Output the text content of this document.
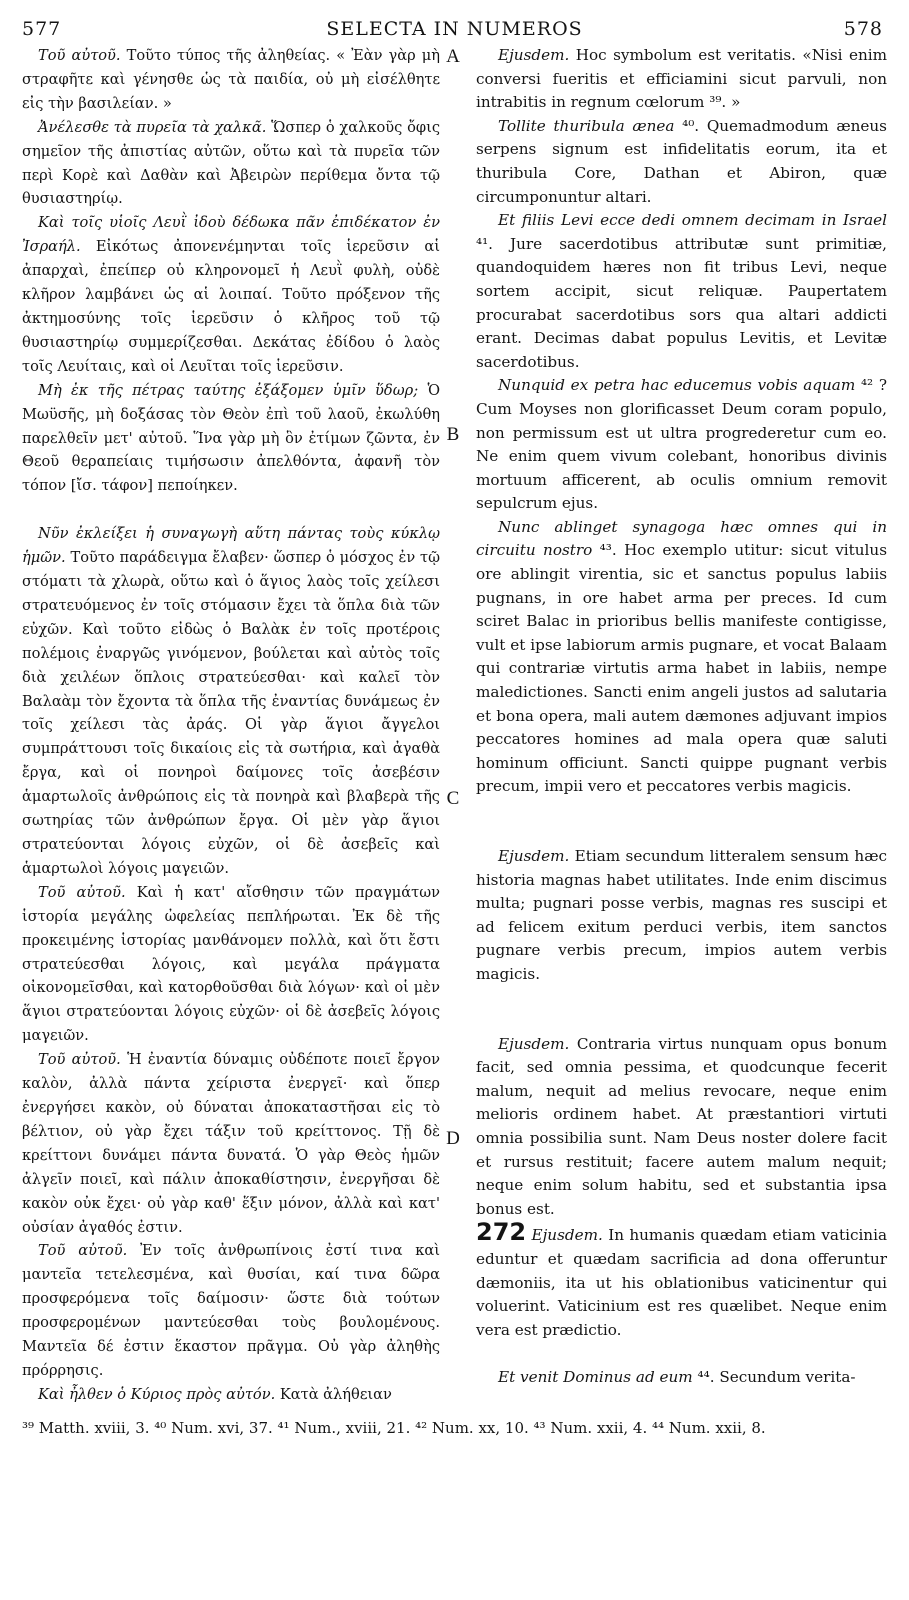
577	SELECTA IN NUMEROS	578

Τοῦ αὐτοῦ. Τοῦτο τύπος τῆς ἀληθείας. « Ἐὰν γὰρ μὴ στραφῆτε καὶ γένησθε ὡς τὰ παιδία, οὐ μὴ εἰσέλθητε εἰς τὴν βασιλείαν. »

Ἀνέλεσθε τὰ πυρεῖα τὰ χαλκᾶ. Ὥσπερ ὁ χαλκοῦς ὄφις σημεῖον τῆς ἀπιστίας αὐτῶν, οὕτω καὶ τὰ πυρεῖα τῶν περὶ Κορὲ καὶ Δαθὰν καὶ Ἀβειρὼν περίθεμα ὄντα τῷ θυσιαστηρίῳ.

Καὶ τοῖς υἱοῖς Λευῒ ἰδοὺ δέδωκα πᾶν ἐπιδέκατον ἐν Ἰσραήλ. Εἰκότως ἀπονενέμηνται τοῖς ἱερεῦσιν αἱ ἀπαρχαὶ, ἐπείπερ οὐ κληρονομεῖ ἡ Λευῒ φυλὴ, οὐδὲ κλῆρον λαμβάνει ὡς αἱ λοιπαί. Τοῦτο πρόξενον τῆς ἀκτημοσύνης τοῖς ἱερεῦσιν ὁ κλῆρος τοῦ τῷ θυσιαστηρίῳ συμμερίζεσθαι. Δεκάτας ἐδίδου ὁ λαὸς τοῖς Λευίταις, καὶ οἱ Λευῖται τοῖς ἱερεῦσιν.

Μὴ ἐκ τῆς πέτρας ταύτης ἐξάξομεν ὑμῖν ὕδωρ; Ὁ Μωϋσῆς, μὴ δοξάσας τὸν Θεὸν ἐπὶ τοῦ λαοῦ, ἐκωλύθη παρελθεῖν μετ' αὐτοῦ. Ἵνα γὰρ μὴ ὃν ἐτίμων ζῶντα, ἐν Θεοῦ θεραπείαις τιμήσωσιν ἀπελθόντα, ἀφανῆ τὸν τόπον [ἴσ. τάφον] πεποίηκεν.

Νῦν ἐκλείξει ἡ συναγωγὴ αὕτη πάντας τοὺς κύκλῳ ἡμῶν. Τοῦτο παράδειγμα ἔλαβεν· ὥσπερ ὁ μόσχος ἐν τῷ στόματι τὰ χλωρὰ, οὕτω καὶ ὁ ἅγιος λαὸς τοῖς χείλεσι στρατευόμενος ἐν τοῖς στόμασιν ἔχει τὰ ὅπλα διὰ τῶν εὐχῶν. Καὶ τοῦτο εἰδὼς ὁ Βαλὰκ ἐν τοῖς προτέροις πολέμοις ἐναργῶς γινόμενον, βούλεται καὶ αὐτὸς τοῖς διὰ χειλέων ὅπλοις στρατεύεσθαι· καὶ καλεῖ τὸν Βαλαὰμ τὸν ἔχοντα τὰ ὅπλα τῆς ἐναντίας δυνάμεως ἐν τοῖς χείλεσι τὰς ἀράς. Οἱ γὰρ ἅγιοι ἄγγελοι συμπράττουσι τοῖς δικαίοις εἰς τὰ σωτήρια, καὶ ἀγαθὰ ἔργα, καὶ οἱ πονηροὶ δαίμονες τοῖς ἀσεβέσιν ἁμαρτωλοῖς ἀνθρώποις εἰς τὰ πονηρὰ καὶ βλαβερὰ τῆς σωτηρίας τῶν ἀνθρώπων ἔργα. Οἱ μὲν γὰρ ἅγιοι στρατεύονται λόγοις εὐχῶν, οἱ δὲ ἀσεβεῖς καὶ ἁμαρτωλοὶ λόγοις μαγειῶν.

Τοῦ αὐτοῦ. Καὶ ἡ κατ' αἴσθησιν τῶν πραγμάτων ἱστορία μεγάλης ὠφελείας πεπλήρωται. Ἐκ δὲ τῆς προκειμένης ἱστορίας μανθάνομεν πολλὰ, καὶ ὅτι ἔστι στρατεύεσθαι λόγοις, καὶ μεγάλα πράγματα οἰκονομεῖσθαι, καὶ κατορθοῦσθαι διὰ λόγων· καὶ οἱ μὲν ἅγιοι στρατεύονται λόγοις εὐχῶν· οἱ δὲ ἀσεβεῖς λόγοις μαγειῶν.

Τοῦ αὐτοῦ. Ἡ ἐναντία δύναμις οὐδέποτε ποιεῖ ἔργον καλὸν, ἀλλὰ πάντα χείριστα ἐνεργεῖ· καὶ ὅπερ ἐνεργήσει κακὸν, οὐ δύναται ἀποκαταστῆσαι εἰς τὸ βέλτιον, οὐ γὰρ ἔχει τάξιν τοῦ κρείττονος. Τῇ δὲ κρείττονι δυνάμει πάντα δυνατά. Ὁ γὰρ Θεὸς ἡμῶν ἀλγεῖν ποιεῖ, καὶ πάλιν ἀποκαθίστησιν, ἐνεργῆσαι δὲ κακὸν οὐκ ἔχει· οὐ γὰρ καθ' ἕξιν μόνον, ἀλλὰ καὶ κατ' οὐσίαν ἀγαθός ἐστιν.

Τοῦ αὐτοῦ. Ἐν τοῖς ἀνθρωπίνοις ἐστί τινα καὶ μαντεῖα τετελεσμένα, καὶ θυσίαι, καί τινα δῶρα προσφερόμενα τοῖς δαίμοσιν· ὥστε διὰ τούτων προσφερομένων μαντεύεσθαι τοὺς βουλομένους. Μαντεῖα δέ ἐστιν ἕκαστον πρᾶγμα. Οὐ γὰρ ἀληθὴς πρόρρησις.

Καὶ ἦλθεν ὁ Κύριος πρὸς αὐτόν. Κατὰ ἀλήθειαν

A
B
C
D

Ejusdem. Hoc symbolum est veritatis. «Nisi enim conversi fueritis et efficiamini sicut parvuli, non intrabitis in regnum cœlorum ³⁹. »

Tollite thuribula ænea ⁴⁰. Quemadmodum æneus serpens signum est infidelitatis eorum, ita et thuribula Core, Dathan et Abiron, quæ circumponuntur altari.

Et filiis Levi ecce dedi omnem decimam in Israel ⁴¹. Jure sacerdotibus attributæ sunt primitiæ, quandoquidem hæres non fit tribus Levi, neque sortem accipit, sicut reliquæ. Paupertatem procurabat sacerdotibus sors qua altari addicti erant. Decimas dabat populus Levitis, et Levitæ sacerdotibus.

Nunquid ex petra hac educemus vobis aquam ⁴² ? Cum Moyses non glorificasset Deum coram populo, non permissum est ut ultra progrederetur cum eo. Ne enim quem vivum colebant, honoribus divinis mortuum afficerent, ab oculis omnium removit sepulcrum ejus.

Nunc ablinget synagoga hæc omnes qui in circuitu nostro ⁴³. Hoc exemplo utitur: sicut vitulus ore ablingit virentia, sic et sanctus populus labiis pugnans, in ore habet arma per preces. Id cum sciret Balac in prioribus bellis manifeste contigisse, vult et ipse labiorum armis pugnare, et vocat Balaam qui contrariæ virtutis arma habet in labiis, nempe maledictiones. Sancti enim angeli justos ad salutaria et bona opera, mali autem dæmones adjuvant impios peccatores homines ad mala opera quæ saluti hominum officiunt. Sancti quippe pugnant verbis precum, impii vero et peccatores verbis magicis.

Ejusdem. Etiam secundum litteralem sensum hæc historia magnas habet utilitates. Inde enim discimus multa; pugnari posse verbis, magnas res suscipi et ad felicem exitum perduci verbis, item sanctos pugnare verbis precum, impios autem verbis magicis.

Ejusdem. Contraria virtus nunquam opus bonum facit, sed omnia pessima, et quodcunque fecerit malum, nequit ad melius revocare, neque enim melioris ordinem habet. At præstantiori virtuti omnia possibilia sunt. Nam Deus noster dolere facit et rursus restituit; facere autem malum nequit; neque enim solum habitu, sed et substantia ipsa bonus est.

272 Ejusdem. In humanis quædam etiam vaticinia eduntur et quædam sacrificia ad dona offeruntur dæmoniis, ita ut his oblationibus vaticinentur qui voluerint. Vaticinium est res quælibet. Neque enim vera est prædictio.

Et venit Dominus ad eum ⁴⁴. Secundum verita-

³⁹ Matth. xviii, 3. ⁴⁰ Num. xvi, 37. ⁴¹ Num., xviii, 21. ⁴² Num. xx, 10. ⁴³ Num. xxii, 4. ⁴⁴ Num. xxii, 8.
